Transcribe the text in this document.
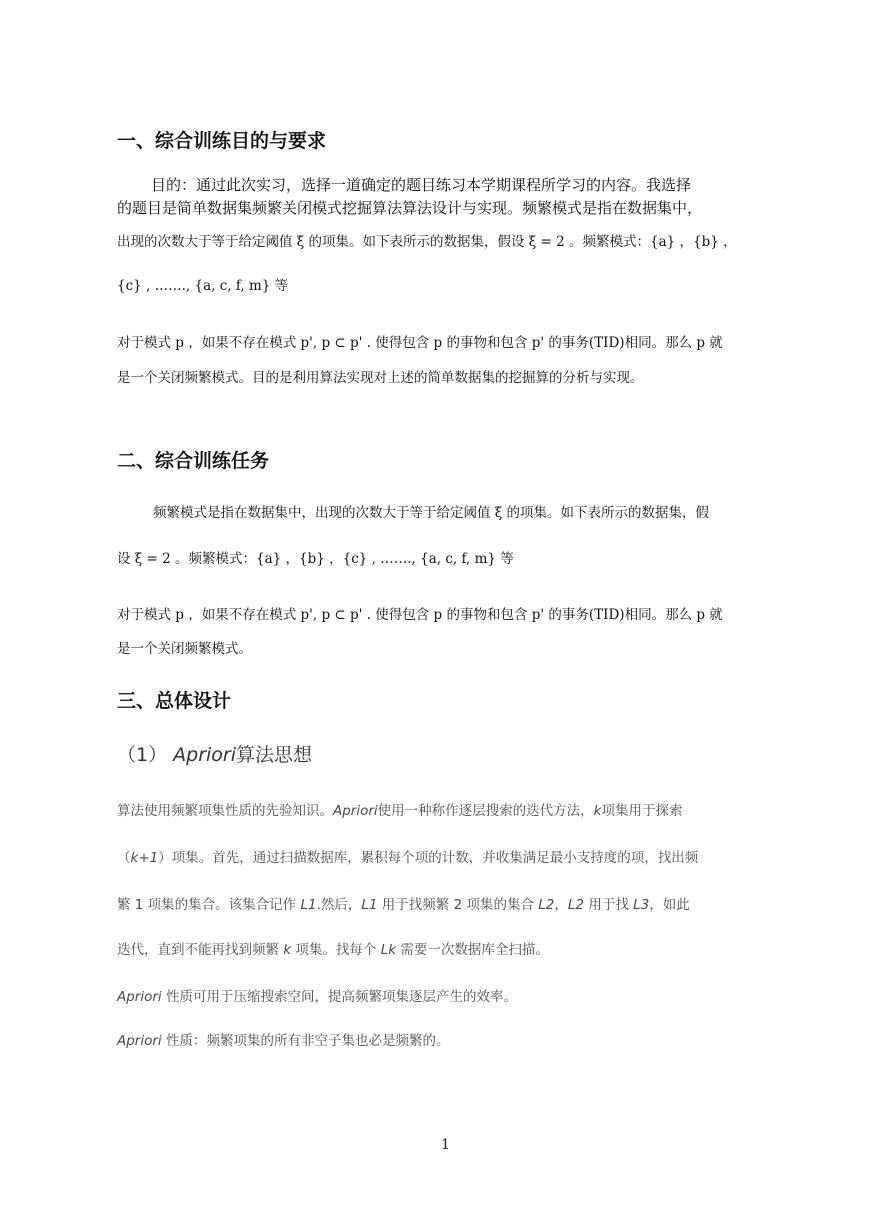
一、综合训练目的与要求
目的：通过此次实习，选择一道确定的题目练习本学期课程所学习的内容。我选择
的题目是简单数据集频繁关闭模式挖掘算法算法设计与实现。频繁模式是指在数据集中，
出现的次数大于等于给定阈值 ξ 的项集。如下表所示的数据集，假设 ξ = 2 。频繁模式：{a} ，{b} ，
{c} , ……., {a, c, f, m} 等
对于模式 p ，如果不存在模式 p', p ⊂ p' . 使得包含 p 的事物和包含 p' 的事务(TID)相同。那么 p 就
是一个关闭频繁模式。目的是利用算法实现对上述的简单数据集的挖掘算的分析与实现。
二、综合训练任务
频繁模式是指在数据集中，出现的次数大于等于给定阈值 ξ 的项集。如下表所示的数据集，假
设 ξ = 2 。频繁模式：{a} ，{b} ，{c} , ……., {a, c, f, m} 等
对于模式 p ，如果不存在模式 p', p ⊂ p' . 使得包含 p 的事物和包含 p' 的事务(TID)相同。那么 p 就
是一个关闭频繁模式。
三、总体设计
（1） Apriori算法思想
算法使用频繁项集性质的先验知识。Apriori使用一种称作逐层搜索的迭代方法，k项集用于探索
（k+1）项集。首先，通过扫描数据库，累积每个项的计数，并收集满足最小支持度的项，找出频
繁 1 项集的集合。该集合记作 L1.然后，L1 用于找频繁 2 项集的集合 L2，L2 用于找 L3，如此
迭代，直到不能再找到频繁 k 项集。找每个 Lk 需要一次数据库全扫描。
Apriori 性质可用于压缩搜索空间，提高频繁项集逐层产生的效率。
Apriori 性质：频繁项集的所有非空子集也必是频繁的。
1
